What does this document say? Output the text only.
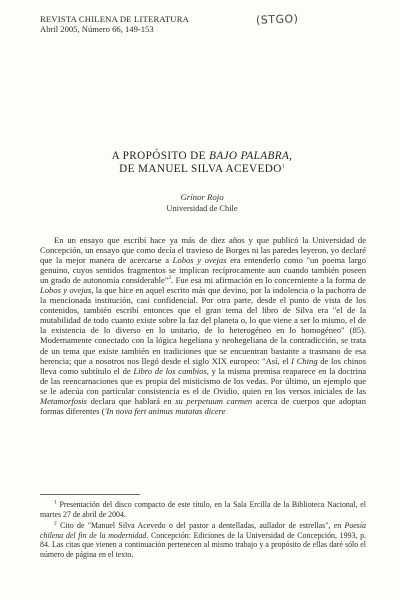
REVISTA CHILENA DE LITERATURA
Abril 2005, Número 66, 149-153
(STGO)
A PROPÓSITO DE BAJO PALABRA,
DE MANUEL SILVA ACEVEDO$^1$
Grínor Rojo
Universidad de Chile

En un ensayo que escribí hace ya más de diez años y que publicó la Universidad de Concepción, un ensayo que como decía el travieso de Borges ni las paredes leyeron, yo declaré que la mejor manera de acercarse a Lobos y ovejas era entenderlo como "un poema largo genuino, cuyos sentidos fragmentos se implican recíprocamente aun cuando también poseen un grado de autonomía considerable"$^2$. Fue esa mi afirmación en lo concerniente a la forma de Lobos y ovejas, la que hice en aquel escrito más que devino, por la indolencia o la pachorra de la mencionada institución, casi confidencial. Por otra parte, desde el punto de vista de los contenidos, también escribí entonces que el gran tema del libro de Silva era "el de la mutabilidad de todo cuanto existe sobre la faz del planeta o, lo que viene a ser lo mismo, el de la existencia de lo diverso en lo unitario, de lo heterogéneo en lo homogéneo" (85). Modernamente conectado con la lógica hegeliana y neohegeliana de la contradicción, se trata de un tema que existe también en tradiciones que se encuentran bastante a trasmano de esa herencia; que a nosotros nos llegó desde el siglo XIX europeo: "Así, el I Ching de los chinos lleva como subtítulo el de Libro de los cambios, y la misma premisa reaparece en la doctrina de las reencarnaciones que es propia del misticismo de los vedas. Por último, un ejemplo que se le adecúa con particular consistencia es el de Ovidio, quien en los versos iniciales de las Metamorfosis declara que hablará en su perpetuum carmen acerca de cuerpos que adoptan formas diferentes ('In nova fert animus mutatas dicere

$^1$ Presentación del disco compacto de este título, en la Sala Ercilla de la Biblioteca Nacional, el martes 27 de abril de 2004.

$^2$ Cito de "Manuel Silva Acevedo o del pastor a dentelladas, aullador de estrellas", en Poesía chilena del fin de la modernidad. Concepción: Ediciones de la Universidad de Concepción, 1993, p. 84. Las citas que vienen a continuación pertenecen al mismo trabajo y a propósito de ellas daré sólo el número de página en el texto.
